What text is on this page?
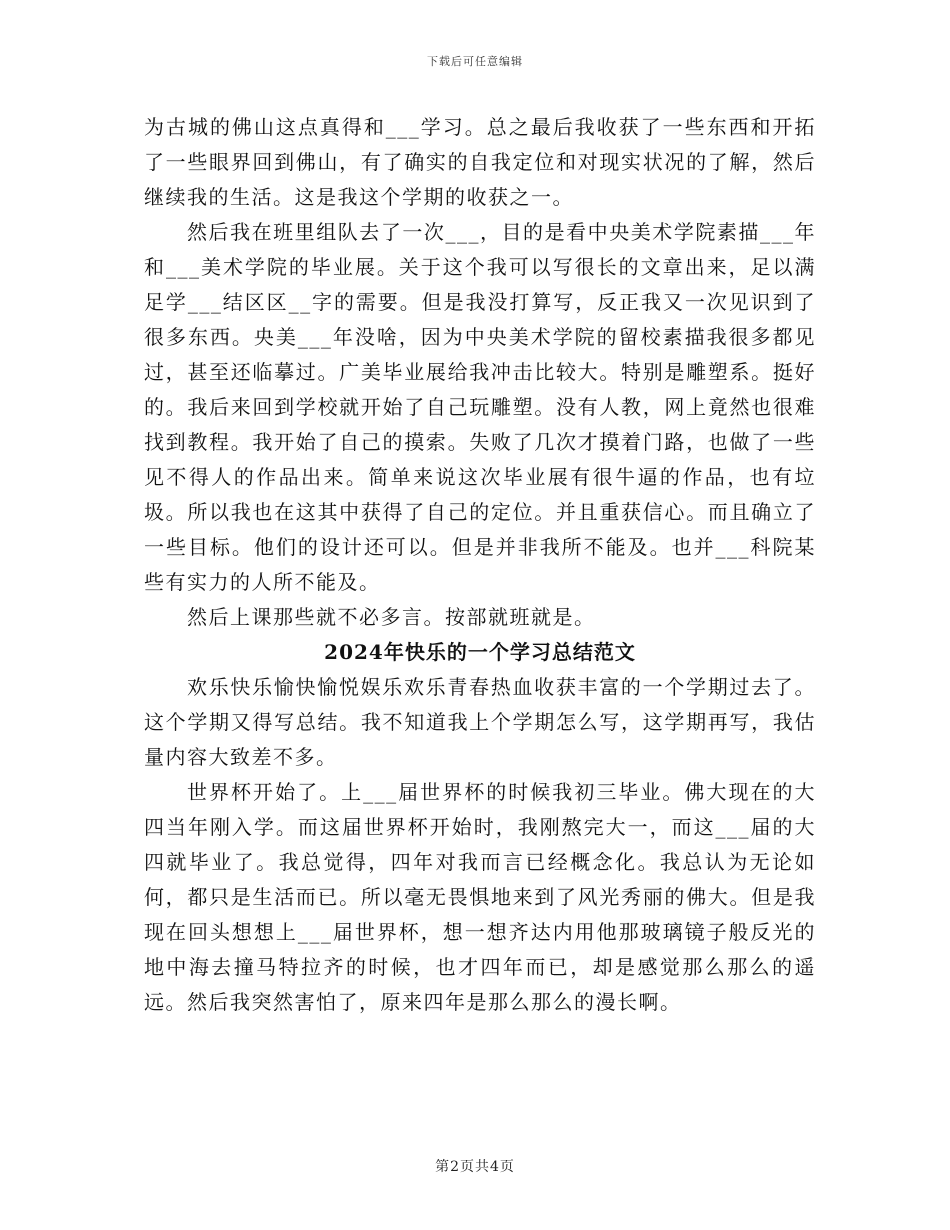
下载后可任意编辑

为古城的佛山这点真得和___学习。总之最后我收获了一些东西和开拓了一些眼界回到佛山，有了确实的自我定位和对现实状况的了解，然后继续我的生活。这是我这个学期的收获之一。

然后我在班里组队去了一次___，目的是看中央美术学院素描___年和___美术学院的毕业展。关于这个我可以写很长的文章出来，足以满足学___结区区__字的需要。但是我没打算写，反正我又一次见识到了很多东西。央美___年没啥，因为中央美术学院的留校素描我很多都见过，甚至还临摹过。广美毕业展给我冲击比较大。特别是雕塑系。挺好的。我后来回到学校就开始了自己玩雕塑。没有人教，网上竟然也很难找到教程。我开始了自己的摸索。失败了几次才摸着门路，也做了一些见不得人的作品出来。简单来说这次毕业展有很牛逼的作品，也有垃圾。所以我也在这其中获得了自己的定位。并且重获信心。而且确立了一些目标。他们的设计还可以。但是并非我所不能及。也并___科院某些有实力的人所不能及。

然后上课那些就不必多言。按部就班就是。

2024年快乐的一个学习总结范文

欢乐快乐愉快愉悦娱乐欢乐青春热血收获丰富的一个学期过去了。这个学期又得写总结。我不知道我上个学期怎么写，这学期再写，我估量内容大致差不多。

世界杯开始了。上___届世界杯的时候我初三毕业。佛大现在的大四当年刚入学。而这届世界杯开始时，我刚熬完大一，而这___届的大四就毕业了。我总觉得，四年对我而言已经概念化。我总认为无论如何，都只是生活而已。所以毫无畏惧地来到了风光秀丽的佛大。但是我现在回头想想上___届世界杯，想一想齐达内用他那玻璃镜子般反光的地中海去撞马特拉齐的时候，也才四年而已，却是感觉那么那么的遥远。然后我突然害怕了，原来四年是那么那么的漫长啊。

第2页共4页
